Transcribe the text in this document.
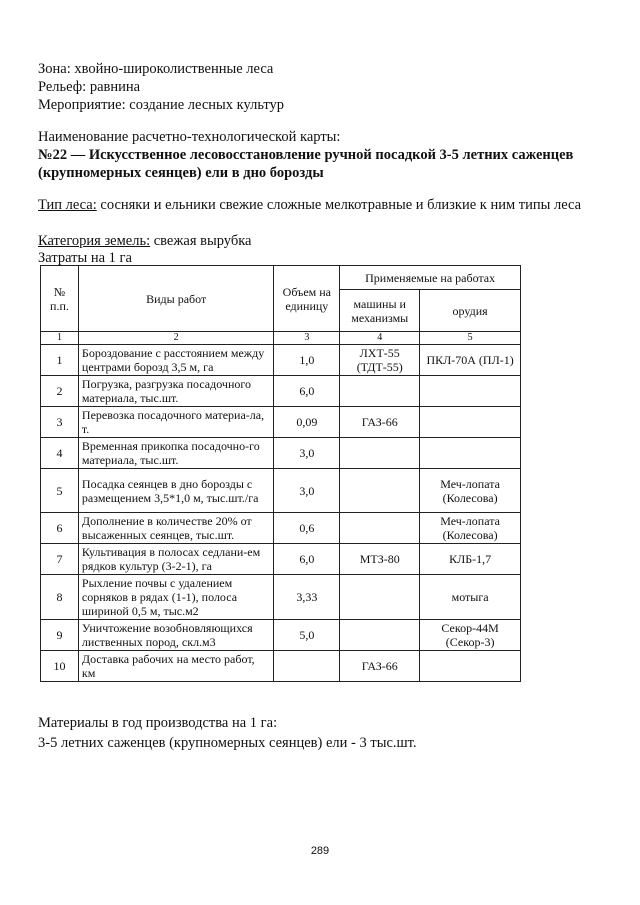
Зона: хвойно-широколиственные леса
Рельеф: равнина
Мероприятие: создание лесных культур
Наименование расчетно-технологической карты:
№22 — Искусственное лесовосстановление ручной посадкой 3-5 летних саженцев (крупномерных сеянцев) ели в дно борозды
Тип леса: сосняки и ельники свежие сложные мелкотравные и близкие к ним типы леса
Категория земель: свежая вырубка
Затраты на 1 га
№ п.п.	Виды работ	Объем на единицу	Применяемые на работах	
			машины и механизмы	орудия
1	2	3	4	5
1	Бороздование с расстоянием между центрами борозд 3,5 м, га	1,0	ЛХТ-55 (ТДТ-55)	ПКЛ-70А (ПЛ-1)
2	Погрузка, разгрузка посадочного материала, тыс.шт.	6,0		
3	Перевозка посадочного материа-ла, т.	0,09	ГАЗ-66	
4	Временная прикопка посадочно-го материала, тыс.шт.	3,0		
5	Посадка сеянцев в дно борозды с размещением 3,5*1,0 м, тыс.шт./га	3,0		Меч-лопата (Колесова)
6	Дополнение в количестве 20% от высаженных сеянцев, тыс.шт.	0,6		Меч-лопата (Колесова)
7	Культивация в полосах седлани-ем рядков культур (3-2-1), га	6,0	МТЗ-80	КЛБ-1,7
8	Рыхление почвы с удалением сорняков в рядах (1-1), полоса шириной 0,5 м, тыс.м2	3,33		мотыга
9	Уничтожение возобновляющихся лиственных пород, скл.м3	5,0		Секор-44М (Секор-3)
10	Доставка рабочих на место работ, км		ГАЗ-66	
Материалы в год производства на 1 га:
3-5 летних саженцев (крупномерных сеянцев) ели - 3 тыс.шт.
289
